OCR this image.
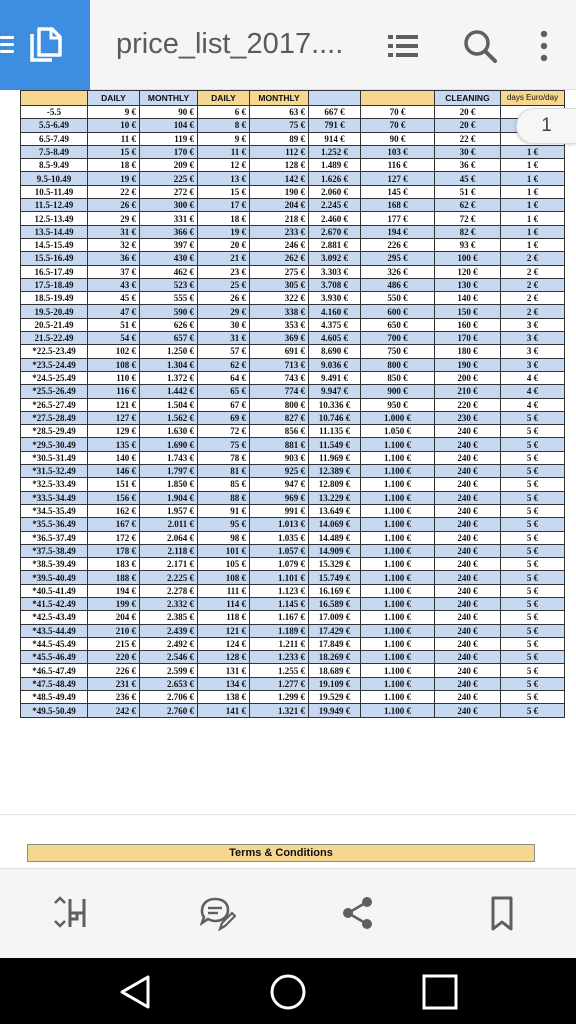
price_list_2017....
	DAILY	MONTHLY	DAILY	MONTHLY			CLEANING	days Euro/day
-5.5	9 €	90 €	6 €	63 €	667 €	70 €	20 €	
5.5-6.49	10 €	104 €	8 €	75 €	791 €	70 €	20 €	
6.5-7.49	11 €	119 €	9 €	89 €	914 €	90 €	22 €	
7.5-8.49	15 €	170 €	11 €	112 €	1.252 €	103 €	30 €	1 €
8.5-9.49	18 €	209 €	12 €	128 €	1.489 €	116 €	36 €	1 €
9.5-10.49	19 €	225 €	13 €	142 €	1.626 €	127 €	45 €	1 €
10.5-11.49	22 €	272 €	15 €	190 €	2.060 €	145 €	51 €	1 €
11.5-12.49	26 €	300 €	17 €	204 €	2.245 €	168 €	62 €	1 €
12.5-13.49	29 €	331 €	18 €	218 €	2.460 €	177 €	72 €	1 €
13.5-14.49	31 €	366 €	19 €	233 €	2.670 €	194 €	82 €	1 €
14.5-15.49	32 €	397 €	20 €	246 €	2.881 €	226 €	93 €	1 €
15.5-16.49	36 €	430 €	21 €	262 €	3.092 €	295 €	100 €	2 €
16.5-17.49	37 €	462 €	23 €	275 €	3.303 €	326 €	120 €	2 €
17.5-18.49	43 €	523 €	25 €	305 €	3.708 €	486 €	130 €	2 €
18.5-19.49	45 €	555 €	26 €	322 €	3.930 €	550 €	140 €	2 €
19.5-20.49	47 €	590 €	29 €	338 €	4.160 €	600 €	150 €	2 €
20.5-21.49	51 €	626 €	30 €	353 €	4.375 €	650 €	160 €	3 €
21.5-22.49	54 €	657 €	31 €	369 €	4.605 €	700 €	170 €	3 €
*22.5-23.49	102 €	1.250 €	57 €	691 €	8.690 €	750 €	180 €	3 €
*23.5-24.49	108 €	1.304 €	62 €	713 €	9.036 €	800 €	190 €	3 €
*24.5-25.49	110 €	1.372 €	64 €	743 €	9.491 €	850 €	200 €	4 €
*25.5-26.49	116 €	1.442 €	65 €	774 €	9.947 €	900 €	210 €	4 €
*26.5-27.49	121 €	1.504 €	67 €	800 €	10.336 €	950 €	220 €	4 €
*27.5-28.49	127 €	1.562 €	69 €	827 €	10.746 €	1.000 €	230 €	5 €
*28.5-29.49	129 €	1.630 €	72 €	856 €	11.135 €	1.050 €	240 €	5 €
*29.5-30.49	135 €	1.690 €	75 €	881 €	11.549 €	1.100 €	240 €	5 €
*30.5-31.49	140 €	1.743 €	78 €	903 €	11.969 €	1.100 €	240 €	5 €
*31.5-32.49	146 €	1.797 €	81 €	925 €	12.389 €	1.100 €	240 €	5 €
*32.5-33.49	151 €	1.850 €	85 €	947 €	12.809 €	1.100 €	240 €	5 €
*33.5-34.49	156 €	1.904 €	88 €	969 €	13.229 €	1.100 €	240 €	5 €
*34.5-35.49	162 €	1.957 €	91 €	991 €	13.649 €	1.100 €	240 €	5 €
*35.5-36.49	167 €	2.011 €	95 €	1.013 €	14.069 €	1.100 €	240 €	5 €
*36.5-37.49	172 €	2.064 €	98 €	1.035 €	14.489 €	1.100 €	240 €	5 €
*37.5-38.49	178 €	2.118 €	101 €	1.057 €	14.909 €	1.100 €	240 €	5 €
*38.5-39.49	183 €	2.171 €	105 €	1.079 €	15.329 €	1.100 €	240 €	5 €
*39.5-40.49	188 €	2.225 €	108 €	1.101 €	15.749 €	1.100 €	240 €	5 €
*40.5-41.49	194 €	2.278 €	111 €	1.123 €	16.169 €	1.100 €	240 €	5 €
*41.5-42.49	199 €	2.332 €	114 €	1.145 €	16.589 €	1.100 €	240 €	5 €
*42.5-43.49	204 €	2.385 €	118 €	1.167 €	17.009 €	1.100 €	240 €	5 €
*43.5-44.49	210 €	2.439 €	121 €	1.189 €	17.429 €	1.100 €	240 €	5 €
*44.5-45.49	215 €	2.492 €	124 €	1.211 €	17.849 €	1.100 €	240 €	5 €
*45.5-46.49	220 €	2.546 €	128 €	1.233 €	18.269 €	1.100 €	240 €	5 €
*46.5-47.49	226 €	2.599 €	131 €	1.255 €	18.689 €	1.100 €	240 €	5 €
*47.5-48.49	231 €	2.653 €	134 €	1.277 €	19.109 €	1.100 €	240 €	5 €
*48.5-49.49	236 €	2.706 €	138 €	1.299 €	19.529 €	1.100 €	240 €	5 €
*49.5-50.49	242 €	2.760 €	141 €	1.321 €	19.949 €	1.100 €	240 €	5 €
1
Terms & Conditions
